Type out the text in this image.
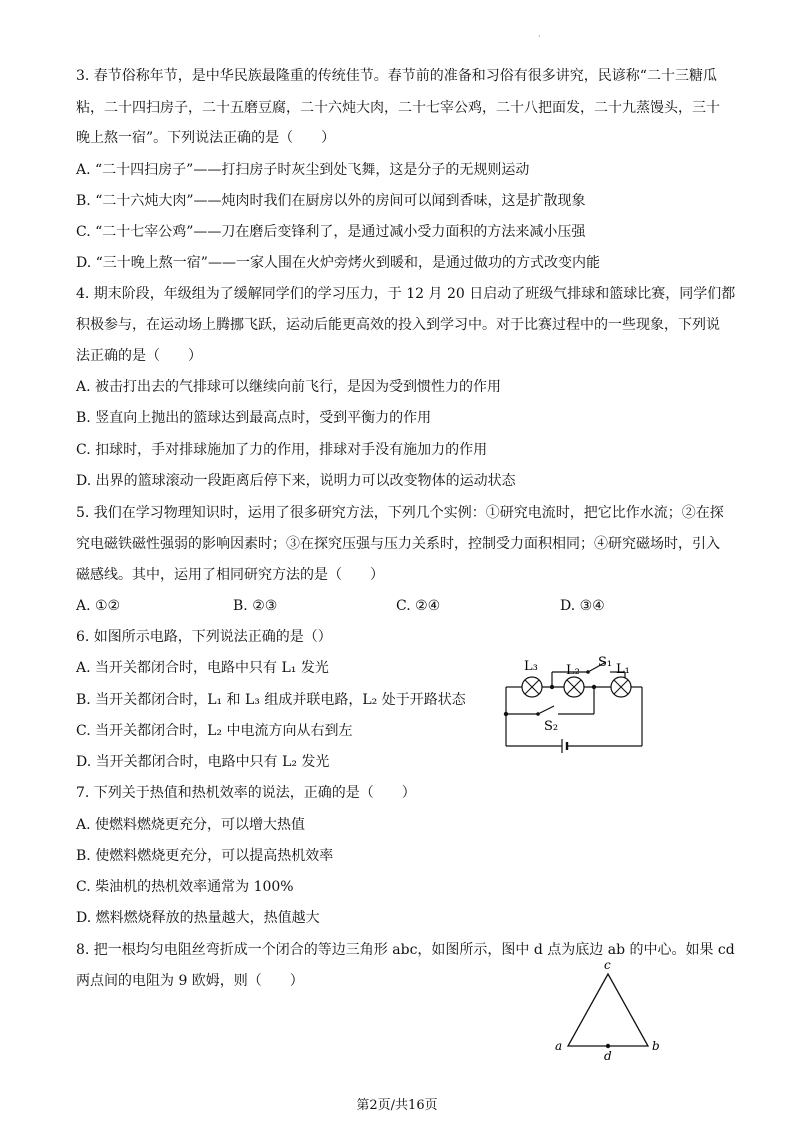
·
3. 春节俗称年节，是中华民族最隆重的传统佳节。春节前的准备和习俗有很多讲究，民谚称“二十三糖瓜
粘，二十四扫房子，二十五磨豆腐，二十六炖大肉，二十七宰公鸡，二十八把面发，二十九蒸馒头，三十
晚上熬一宿”。下列说法正确的是（　　）
A. “二十四扫房子”——打扫房子时灰尘到处飞舞，这是分子的无规则运动
B. “二十六炖大肉”——炖肉时我们在厨房以外的房间可以闻到香味，这是扩散现象
C. “二十七宰公鸡”——刀在磨后变锋利了，是通过减小受力面积的方法来减小压强
D. “三十晚上熬一宿”——一家人围在火炉旁烤火到暖和，是通过做功的方式改变内能
4. 期末阶段，年级组为了缓解同学们的学习压力，于 12 月 20 日启动了班级气排球和篮球比赛，同学们都
积极参与，在运动场上腾挪飞跃，运动后能更高效的投入到学习中。对于比赛过程中的一些现象，下列说
法正确的是（　　）
A. 被击打出去的气排球可以继续向前飞行，是因为受到惯性力的作用
B. 竖直向上抛出的篮球达到最高点时，受到平衡力的作用
C. 扣球时，手对排球施加了力的作用，排球对手没有施加力的作用
D. 出界的篮球滚动一段距离后停下来，说明力可以改变物体的运动状态
5. 我们在学习物理知识时，运用了很多研究方法，下列几个实例：①研究电流时，把它比作水流；②在探
究电磁铁磁性强弱的影响因素时；③在探究压强与压力关系时，控制受力面积相同；④研究磁场时，引入
磁感线。其中，运用了相同研究方法的是（　　）
A. ①②	B. ②③	C. ②④	D. ③④
6. 如图所示电路，下列说法正确的是（）
A. 当开关都闭合时，电路中只有 L₁ 发光
B. 当开关都闭合时，L₁ 和 L₃ 组成并联电路，L₂ 处于开路状态
C. 当开关都闭合时，L₂ 中电流方向从右到左
D. 当开关都闭合时，电路中只有 L₂ 发光
L₃ L₂
S₁ L₁
S₂
7. 下列关于热值和热机效率的说法，正确的是（　　）
A. 使燃料燃烧更充分，可以增大热值
B. 使燃料燃烧更充分，可以提高热机效率
C. 柴油机的热机效率通常为 100%
D. 燃料燃烧释放的热量越大，热值越大
8. 把一根均匀电阻丝弯折成一个闭合的等边三角形 abc，如图所示，图中 d 点为底边 ab 的中心。如果 cd
两点间的电阻为 9 欧姆，则（　　）
c
a	b
d
第2页/共16页
